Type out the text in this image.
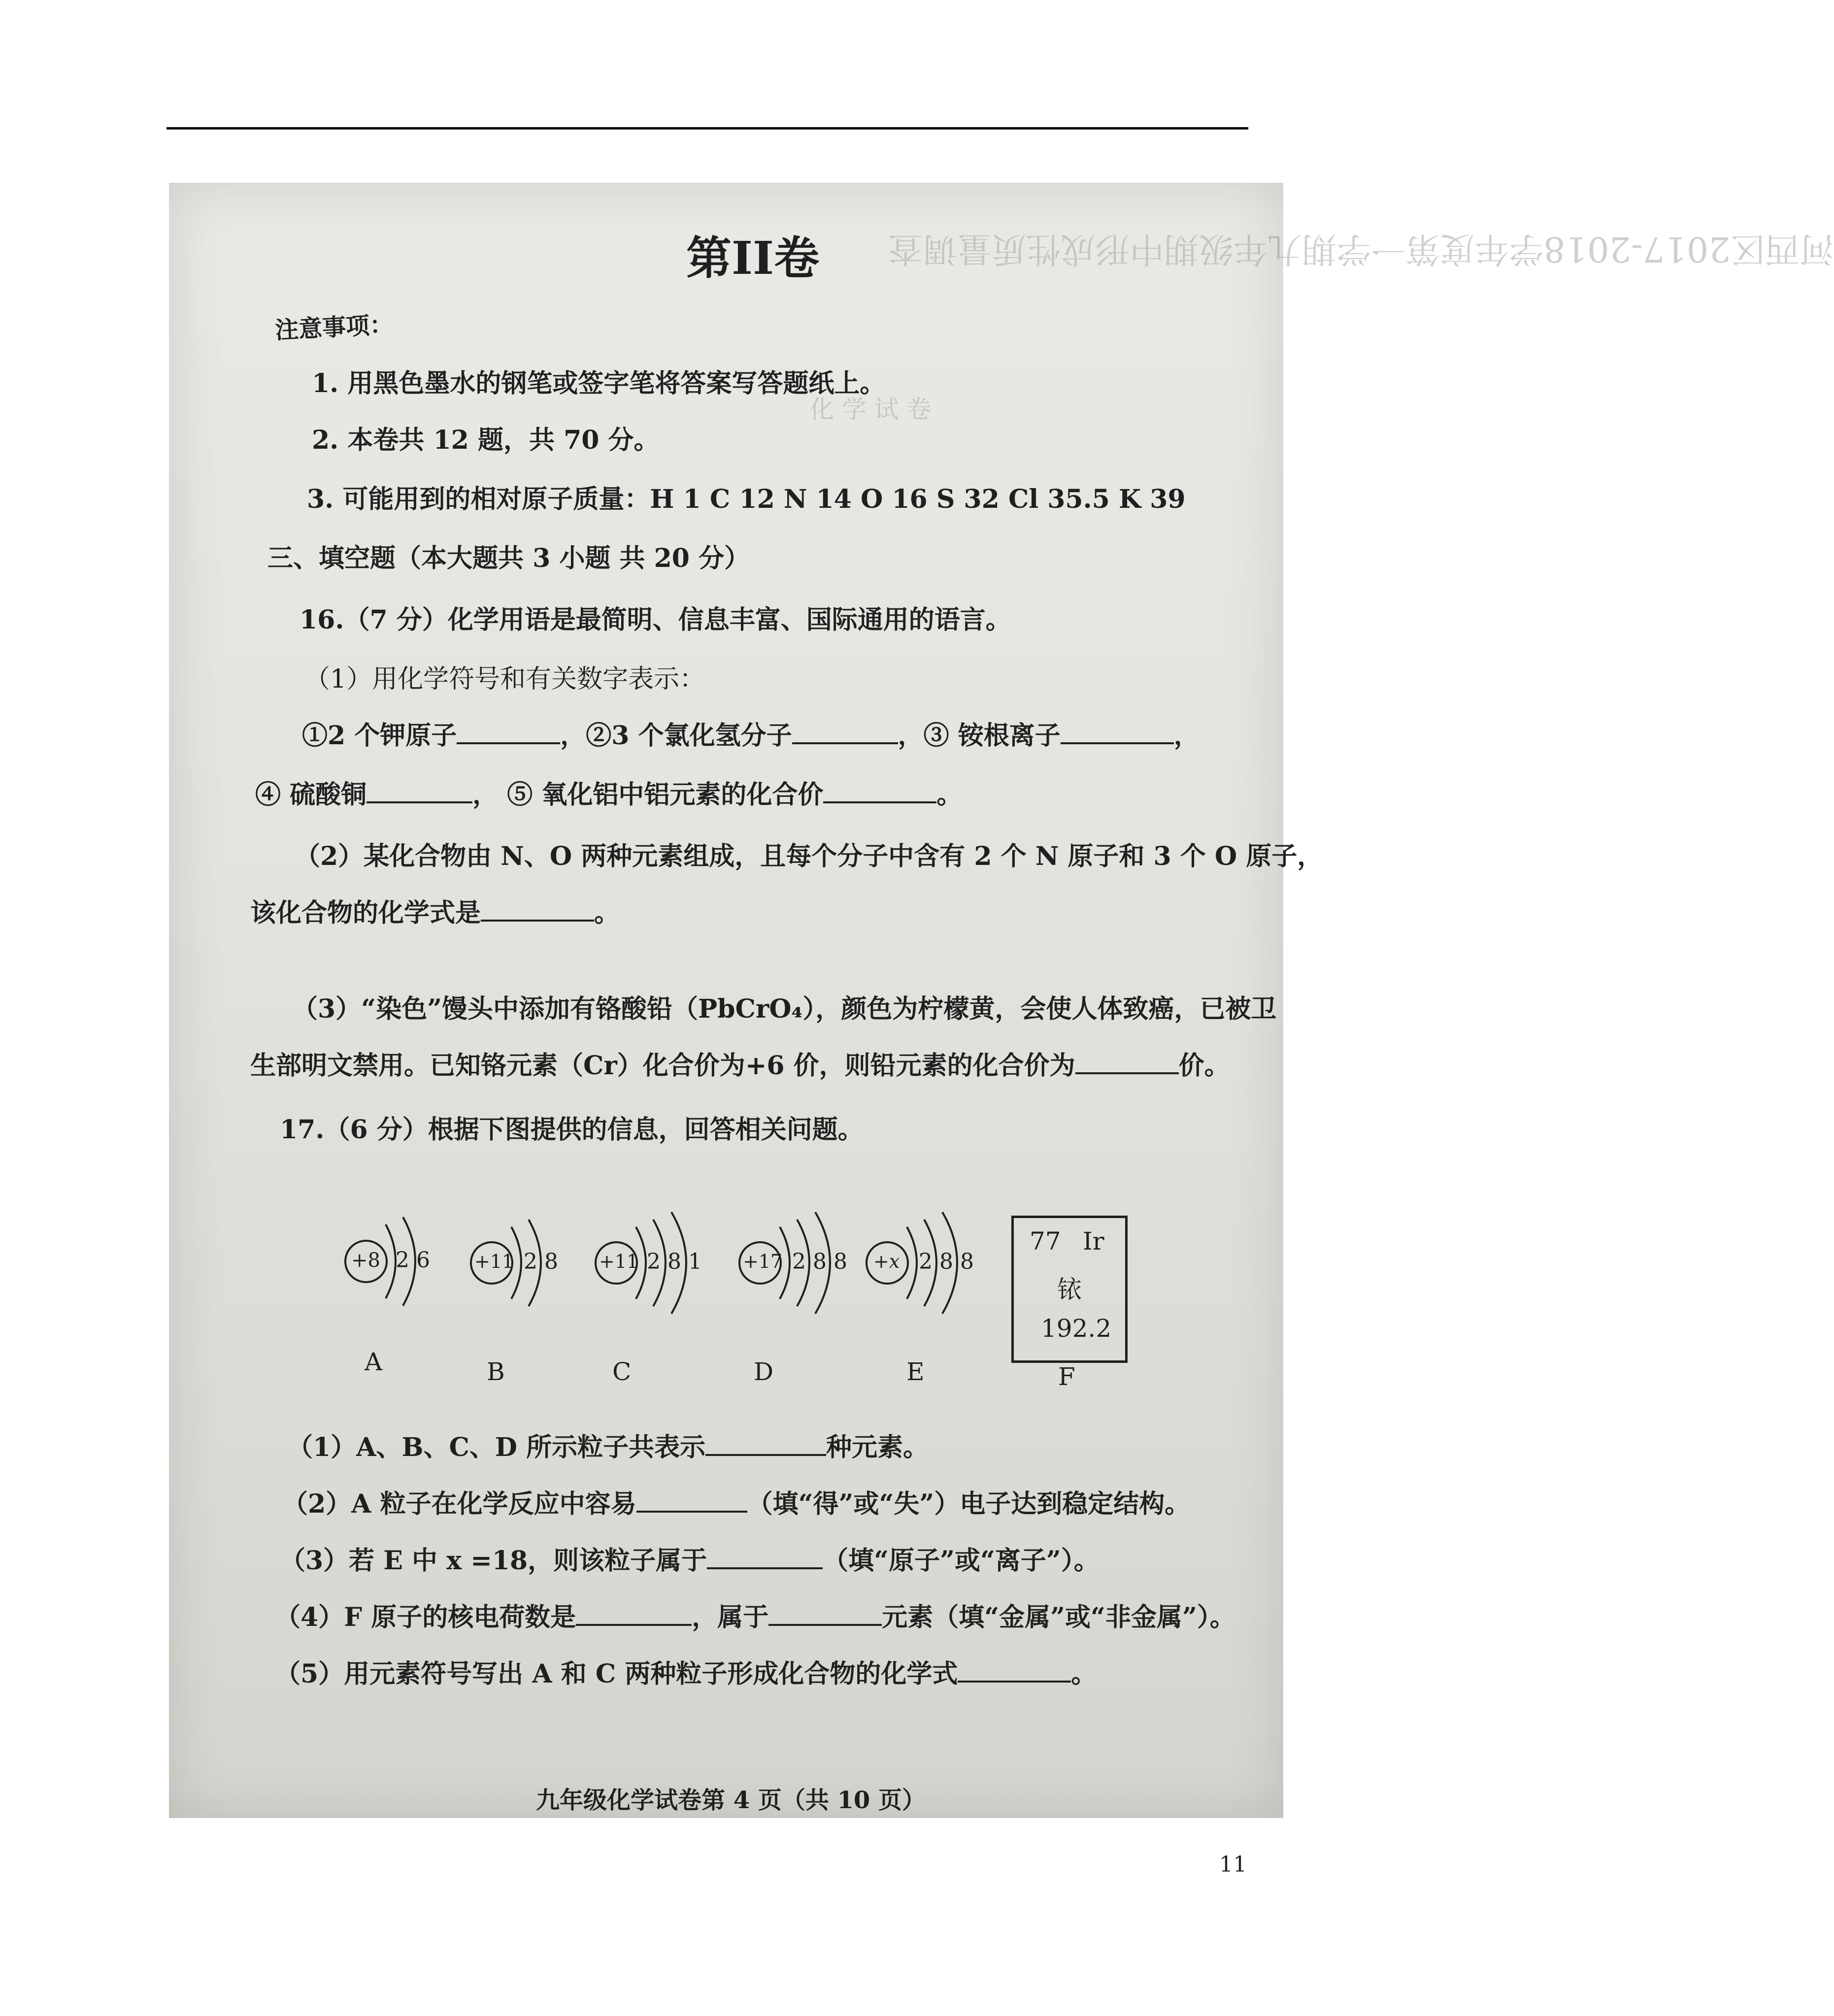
河西区2017-2018学年度第一学期九年级期中形成性质量调查
化 学 试 卷
第II卷
注意事项：
1. 用黑色墨水的钢笔或签字笔将答案写答题纸上。
2. 本卷共 12 题，共 70 分。
3. 可能用到的相对原子质量：H 1 C 12 N 14 O 16 S 32 Cl 35.5 K 39
三、填空题（本大题共 3 小题 共 20 分）
16.（7 分）化学用语是最简明、信息丰富、国际通用的语言。
（1）用化学符号和有关数字表示：
①2 个钾原子	，②3 个氯化氢分子	，③ 铵根离子	，
④ 硫酸铜	， ⑤ 氧化铝中铝元素的化合价	。
（2）某化合物由 N、O 两种元素组成，且每个分子中含有 2 个 N 原子和 3 个 O 原子，
该化合物的化学式是	。
（3）“染色”馒头中添加有铬酸铅（PbCrO₄），颜色为柠檬黄，会使人体致癌，已被卫
生部明文禁用。已知铬元素（Cr）化合价为+6 价，则铅元素的化合价为	价。
17.（6 分）根据下图提供的信息，回答相关问题。
+8 2 6 +11 2 8 +11 2 8 1 +17 2 8 8 +x 2 8 8
77 Ir
铱
192.2
A	B	C	D	E	F
（1）A、B、C、D 所示粒子共表示	种元素。
（2）A 粒子在化学反应中容易	（填“得”或“失”）电子达到稳定结构。
（3）若 E 中 x =18，则该粒子属于	（填“原子”或“离子”）。
（4）F 原子的核电荷数是	，属于	元素（填“金属”或“非金属”）。
（5）用元素符号写出 A 和 C 两种粒子形成化合物的化学式	。
九年级化学试卷第 4 页（共 10 页）
11
